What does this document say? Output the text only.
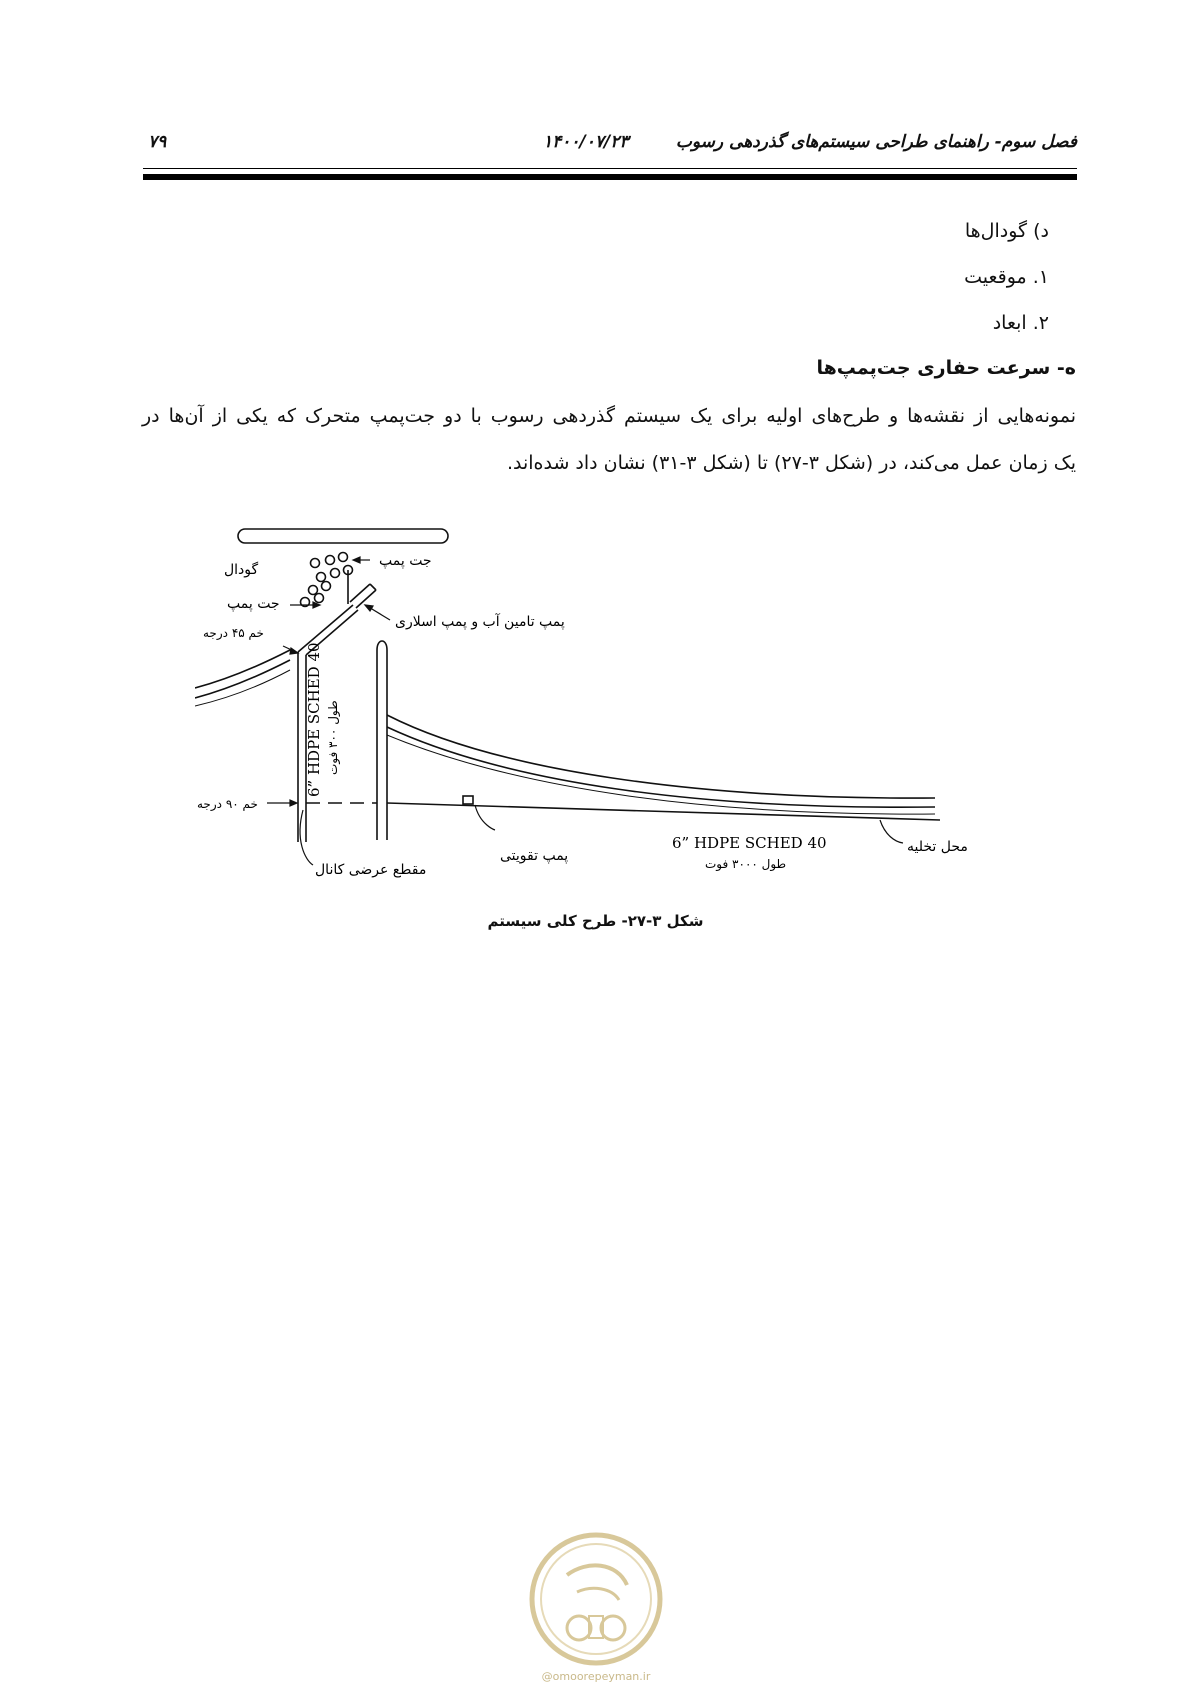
فصل سوم- راهنمای طراحی سیستم‌های گذردهی رسوب
۱۴۰۰/۰۷/۲۳
۷۹
د) گودال‌ها
۱. موقعیت
۲. ابعاد
ه- سرعت حفاری جت‌پمپ‌ها
نمونه‌هایی از نقشه‌ها و طرح‌های اولیه برای یک سیستم گذردهی رسوب با دو جت‌پمپ متحرک که یکی از آن‌ها در
یک زمان عمل می‌کند، در (شکل ۳-۲۷) تا (شکل ۳-۳۱) نشان داد شده‌اند.
جت پمپ
گودال
جت پمپ
پمپ تامین آب و پمپ اسلاری
خم ۴۵ درجه
خم ۹۰ درجه
6” HDPE SCHED 40 طول ۳۰۰ فوت
پمپ تقویتی
6” HDPE SCHED 40
طول ۳۰۰۰ فوت
محل تخلیه
مقطع عرضی کانال
شکل ۳-۲۷- طرح کلی سیستم
@omoorepeyman.ir
